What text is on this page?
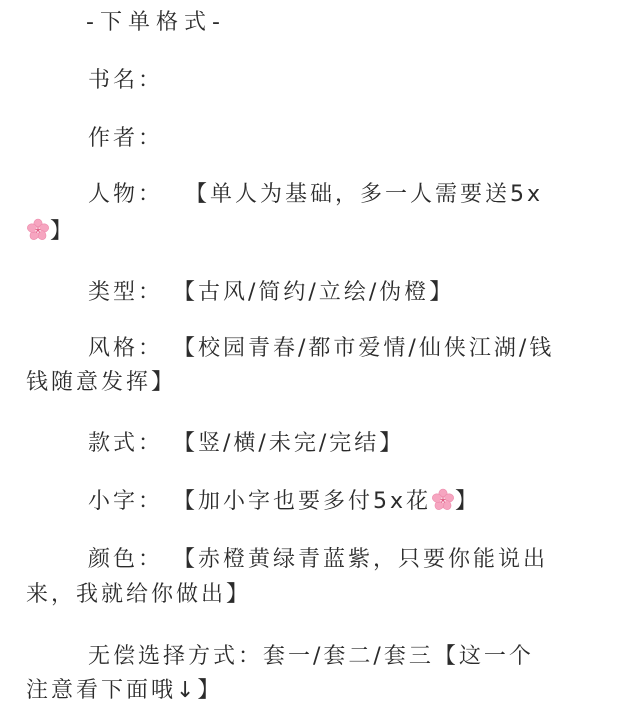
-下单格式-
书名：
作者：
人物： 【单人为基础，多一人需要送5x
】
类型： 【古风/简约/立绘/伪橙】
风格： 【校园青春/都市爱情/仙侠江湖/钱
钱随意发挥】
款式： 【竖/横/未完/完结】
小字： 【加小字也要多付5x花 】
颜色： 【赤橙黄绿青蓝紫，只要你能说出
来，我就给你做出】
无偿选择方式：套一/套二/套三【这一个
注意看下面哦↓】
